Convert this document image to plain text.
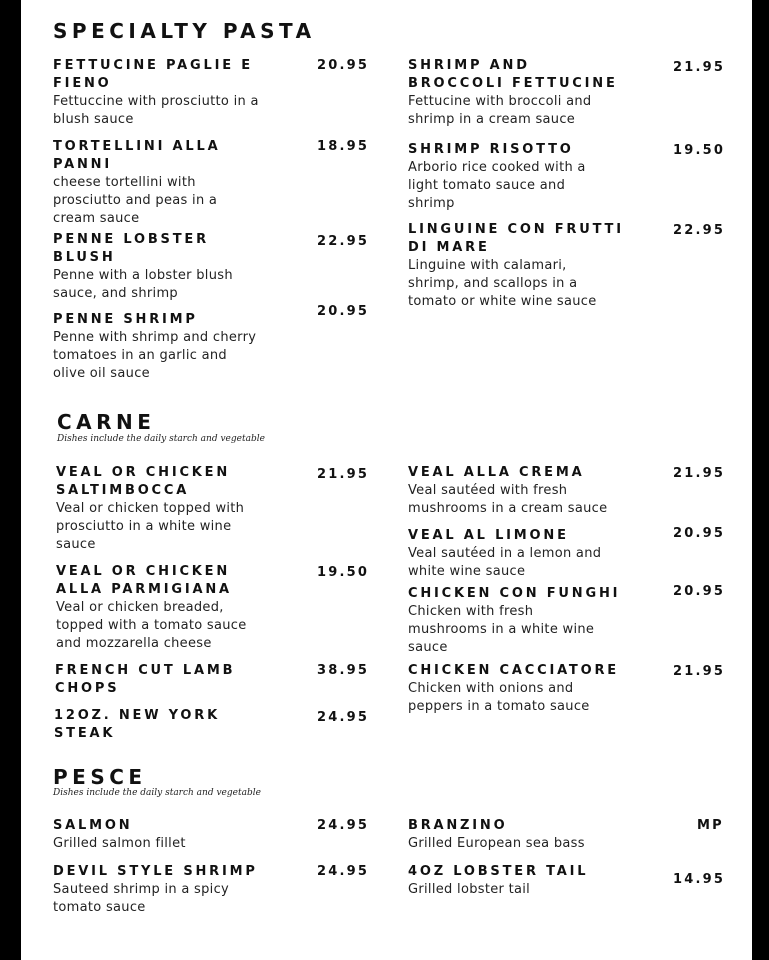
SPECIALTY PASTA
FETTUCINE PAGLIE E
FIENO
Fettuccine with prosciutto in a
blush sauce
20.95
TORTELLINI ALLA
PANNI
cheese tortellini with
prosciutto and peas in a
cream sauce
18.95
PENNE LOBSTER
BLUSH
Penne with a lobster blush
sauce, and shrimp
22.95
PENNE SHRIMP
Penne with shrimp and cherry
tomatoes in an garlic and
olive oil sauce
20.95
SHRIMP AND
BROCCOLI FETTUCINE
Fettucine with broccoli and
shrimp in a cream sauce
21.95
SHRIMP RISOTTO
Arborio rice cooked with a
light tomato sauce and
shrimp
19.50
LINGUINE CON FRUTTI
DI MARE
Linguine with calamari,
shrimp, and scallops in a
tomato or white wine sauce
22.95
CARNE
Dishes include the daily starch and vegetable
VEAL OR CHICKEN
SALTIMBOCCA
Veal or chicken topped with
prosciutto in a white wine
sauce
21.95
VEAL OR CHICKEN
ALLA PARMIGIANA
Veal or chicken breaded,
topped with a tomato sauce
and mozzarella cheese
19.50
FRENCH CUT LAMB
CHOPS
38.95
12OZ. NEW YORK
STEAK
24.95
VEAL ALLA CREMA
Veal sautéed with fresh
mushrooms in a cream sauce
21.95
VEAL AL LIMONE
Veal sautéed in a lemon and
white wine sauce
20.95
CHICKEN CON FUNGHI
Chicken with fresh
mushrooms in a white wine
sauce
20.95
CHICKEN CACCIATORE
Chicken with onions and
peppers in a tomato sauce
21.95
PESCE
Dishes include the daily starch and vegetable
SALMON
Grilled salmon fillet
24.95
DEVIL STYLE SHRIMP
Sauteed shrimp in a spicy
tomato sauce
24.95
BRANZINO
Grilled European sea bass
MP
4OZ LOBSTER TAIL
Grilled lobster tail
14.95
